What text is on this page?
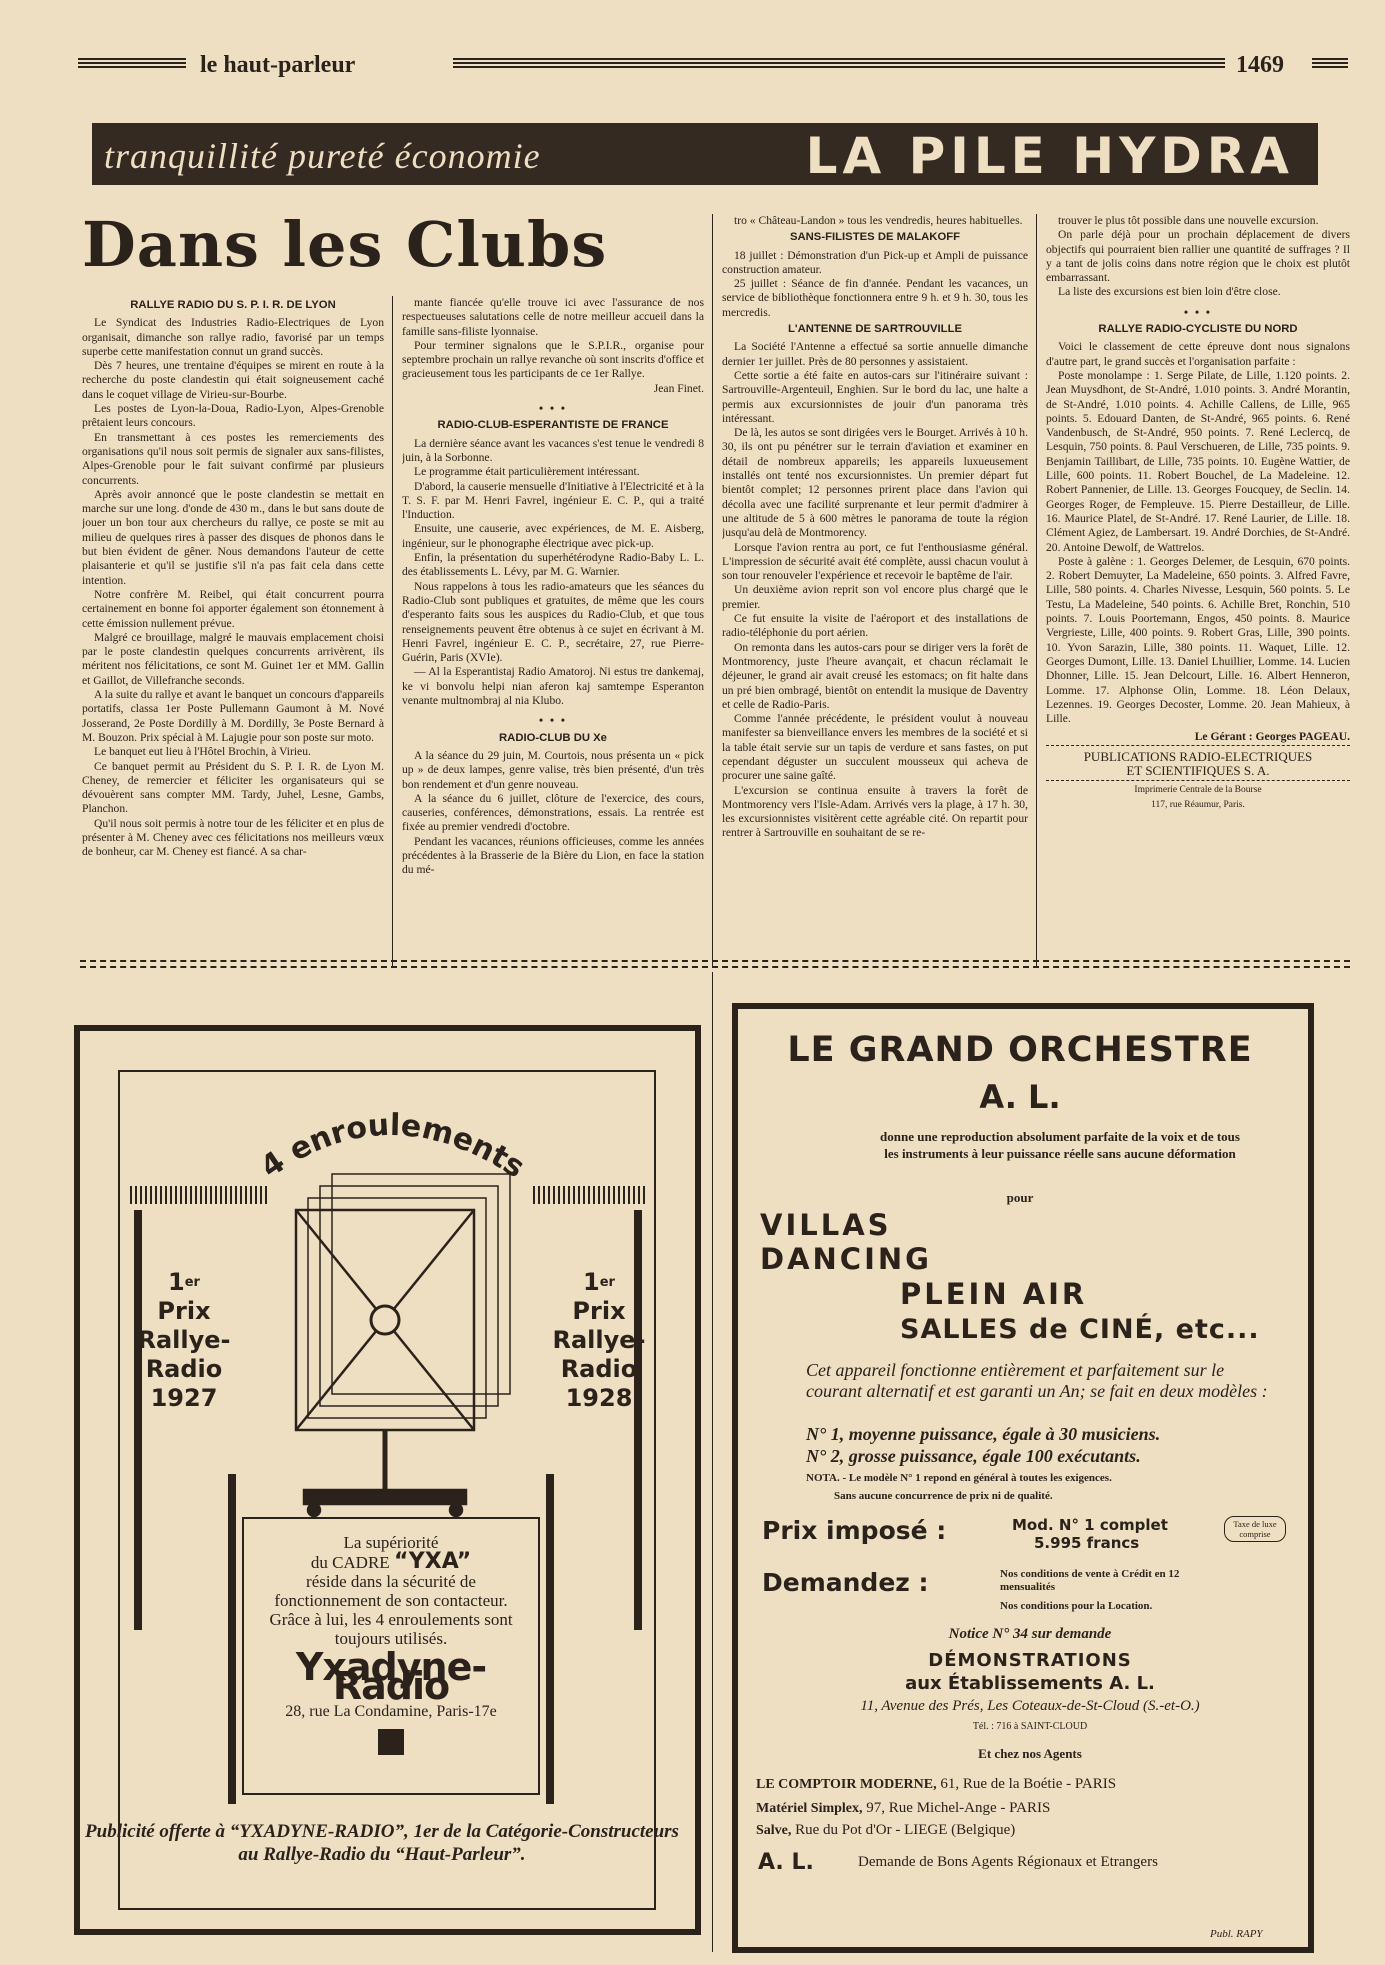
le haut-parleur	1469
tranquillité pureté économie	LA PILE HYDRA
Dans les Clubs
RALLYE RADIO DU S. P. I. R. DE LYON

Le Syndicat des Industries Radio-Electriques de Lyon organisait, dimanche son rallye radio, favorisé par un temps superbe cette manifestation connut un grand succès.

Dès 7 heures, une trentaine d'équipes se mirent en route à la recherche du poste clandestin qui était soigneusement caché dans le coquet village de Virieu-sur-Bourbe.

Les postes de Lyon-la-Doua, Radio-Lyon, Alpes-Grenoble prêtaient leurs concours.

En transmettant à ces postes les remerciements des organisations qu'il nous soit permis de signaler aux sans-filistes, Alpes-Grenoble pour le fait suivant confirmé par plusieurs concurrents.

Après avoir annoncé que le poste clandestin se mettait en marche sur une long. d'onde de 430 m., dans le but sans doute de jouer un bon tour aux chercheurs du rallye, ce poste se mit au milieu de quelques rires à passer des disques de phonos dans le but bien évident de gêner. Nous demandons l'auteur de cette plaisanterie et qu'il se justifie s'il n'a pas fait cela dans cette intention.

Notre confrère M. Reibel, qui était concurrent pourra certainement en bonne foi apporter également son étonnement à cette émission nullement prévue.

Malgré ce brouillage, malgré le mauvais emplacement choisi par le poste clandestin quelques concurrents arrivèrent, ils méritent nos félicitations, ce sont M. Guinet 1er et MM. Gallin et Gaillot, de Villefranche seconds.

A la suite du rallye et avant le banquet un concours d'appareils portatifs, classa 1er Poste Pullemann Gaumont à M. Nové Josserand, 2e Poste Dordilly à M. Dordilly, 3e Poste Bernard à M. Bouzon. Prix spécial à M. Lajugie pour son poste sur moto.

Le banquet eut lieu à l'Hôtel Brochin, à Virieu.

Ce banquet permit au Président du S. P. I. R. de Lyon M. Cheney, de remercier et féliciter les organisateurs qui se dévouèrent sans compter MM. Tardy, Juhel, Lesne, Gambs, Planchon.

Qu'il nous soit permis à notre tour de les féliciter et en plus de présenter à M. Cheney avec ces félicitations nos meilleurs vœux de bonheur, car M. Cheney est fiancé. A sa char-

mante fiancée qu'elle trouve ici avec l'assurance de nos respectueuses salutations celle de notre meilleur accueil dans la famille sans-filiste lyonnaise.

Pour terminer signalons que le S.P.I.R., organise pour septembre prochain un rallye revanche où sont inscrits d'office et gracieusement tous les participants de ce 1er Rallye.

Jean Finet.
• • •
RADIO-CLUB-ESPERANTISTE DE FRANCE

La dernière séance avant les vacances s'est tenue le vendredi 8 juin, à la Sorbonne.

Le programme était particulièrement intéressant.

D'abord, la causerie mensuelle d'Initiative à l'Electricité et à la T. S. F. par M. Henri Favrel, ingénieur E. C. P., qui a traité l'Induction.

Ensuite, une causerie, avec expériences, de M. E. Aisberg, ingénieur, sur le phonographe électrique avec pick-up.

Enfin, la présentation du superhétérodyne Radio-Baby L. L. des établissements L. Lévy, par M. G. Warnier.

Nous rappelons à tous les radio-amateurs que les séances du Radio-Club sont publiques et gratuites, de même que les cours d'esperanto faits sous les auspices du Radio-Club, et que tous renseignements peuvent être obtenus à ce sujet en écrivant à M. Henri Favrel, ingénieur E. C. P., secrétaire, 27, rue Pierre-Guérin, Paris (XVIe).

— Al la Esperantistaj Radio Amatoroj. Ni estus tre dankemaj, ke vi bonvolu helpi nian aferon kaj samtempe Esperanton venante multnombraj al nia Klubo.

• • •
RADIO-CLUB DU Xe

A la séance du 29 juin, M. Courtois, nous présenta un « pick up » de deux lampes, genre valise, très bien présenté, d'un très bon rendement et d'un genre nouveau.

A la séance du 6 juillet, clôture de l'exercice, des cours, causeries, conférences, démonstrations, essais. La rentrée est fixée au premier vendredi d'octobre.

Pendant les vacances, réunions officieuses, comme les années précédentes à la Brasserie de la Bière du Lion, en face la station du mé-

tro « Château-Landon » tous les vendredis, heures habituelles.

SANS-FILISTES DE MALAKOFF

18 juillet : Démonstration d'un Pick-up et Ampli de puissance construction amateur.

25 juillet : Séance de fin d'année. Pendant les vacances, un service de bibliothèque fonctionnera entre 9 h. et 9 h. 30, tous les mercredis.

L'ANTENNE DE SARTROUVILLE

La Société l'Antenne a effectué sa sortie annuelle dimanche dernier 1er juillet. Près de 80 personnes y assistaient.

Cette sortie a été faite en autos-cars sur l'itinéraire suivant : Sartrouville-Argenteuil, Enghien. Sur le bord du lac, une halte a permis aux excursionnistes de jouir d'un panorama très intéressant.

De là, les autos se sont dirigées vers le Bourget. Arrivés à 10 h. 30, ils ont pu pénétrer sur le terrain d'aviation et examiner en détail de nombreux appareils; les appareils luxueusement installés ont tenté nos excursionnistes. Un premier départ fut bientôt complet; 12 personnes prirent place dans l'avion qui décolla avec une facilité surprenante et leur permit d'admirer à une altitude de 5 à 600 mètres le panorama de toute la région jusqu'au delà de Montmorency.

Lorsque l'avion rentra au port, ce fut l'enthousiasme général. L'impression de sécurité avait été complète, aussi chacun voulut à son tour renouveler l'expérience et recevoir le baptême de l'air.

Un deuxième avion reprit son vol encore plus chargé que le premier.

Ce fut ensuite la visite de l'aéroport et des installations de radio-téléphonie du port aérien.

On remonta dans les autos-cars pour se diriger vers la forêt de Montmorency, juste l'heure avançait, et chacun réclamait le déjeuner, le grand air avait creusé les estomacs; on fit halte dans un pré bien ombragé, bientôt on entendit la musique de Daventry et celle de Radio-Paris.

Comme l'année précédente, le président voulut à nouveau manifester sa bienveillance envers les membres de la société et si la table était servie sur un tapis de verdure et sans fastes, on put cependant déguster un succulent mousseux qui acheva de procurer une saine gaîté.

L'excursion se continua ensuite à travers la forêt de Montmorency vers l'Isle-Adam. Arrivés vers la plage, à 17 h. 30, les excursionnistes visitèrent cette agréable cité. On repartit pour rentrer à Sartrouville en souhaitant de se re-

trouver le plus tôt possible dans une nouvelle excursion.

On parle déjà pour un prochain déplacement de divers objectifs qui pourraient bien rallier une quantité de suffrages ? Il y a tant de jolis coins dans notre région que le choix est plutôt embarrassant.

La liste des excursions est bien loin d'être close.

• • •
RALLYE RADIO-CYCLISTE DU NORD

Voici le classement de cette épreuve dont nous signalons d'autre part, le grand succès et l'organisation parfaite :

Poste monolampe : 1. Serge Pilate, de Lille, 1.120 points. 2. Jean Muysdhont, de St-André, 1.010 points. 3. André Morantin, de St-André, 1.010 points. 4. Achille Callens, de Lille, 965 points. 5. Edouard Danten, de St-André, 965 points. 6. René Vandenbusch, de St-André, 950 points. 7. René Leclercq, de Lesquin, 750 points. 8. Paul Verschueren, de Lille, 735 points. 9. Benjamin Taillibart, de Lille, 735 points. 10. Eugène Wattier, de Lille, 600 points. 11. Robert Bouchel, de La Madeleine. 12. Robert Pannenier, de Lille. 13. Georges Foucquey, de Seclin. 14. Georges Roger, de Fempleuve. 15. Pierre Destailleur, de Lille. 16. Maurice Platel, de St-André. 17. René Laurier, de Lille. 18. Clément Agiez, de Lambersart. 19. André Dorchies, de St-André. 20. Antoine Dewolf, de Wattrelos.

Poste à galène : 1. Georges Delemer, de Lesquin, 670 points. 2. Robert Demuyter, La Madeleine, 650 points. 3. Alfred Favre, Lille, 580 points. 4. Charles Nivesse, Lesquin, 560 points. 5. Le Testu, La Madeleine, 540 points. 6. Achille Bret, Ronchin, 510 points. 7. Louis Poortemann, Engos, 450 points. 8. Maurice Vergrieste, Lille, 400 points. 9. Robert Gras, Lille, 390 points. 10. Yvon Sarazin, Lille, 380 points. 11. Waquet, Lille. 12. Georges Dumont, Lille. 13. Daniel Lhuillier, Lomme. 14. Lucien Dhonner, Lille. 15. Jean Delcourt, Lille. 16. Albert Henneron, Lomme. 17. Alphonse Olin, Lomme. 18. Léon Delaux, Lezennes. 19. Georges Decoster, Lomme. 20. Jean Mahieux, à Lille.

Le Gérant : Georges PAGEAU.
PUBLICATIONS RADIO-ELECTRIQUES
ET SCIENTIFIQUES S. A.
Imprimerie Centrale de la Bourse
117, rue Réaumur, Paris.
4 enroulements
1er
Prix
Rallye-
Radio
1927
1er
Prix
Rallye-
Radio
1928
La supériorité
du CADRE “YXA”
réside dans la sécurité de fonctionnement de son contacteur.
Grâce à lui, les 4 enroulements sont toujours utilisés.
Yxadyne-Radio
28, rue La Condamine, Paris-17e
Publicité offerte à “YXADYNE-RADIO”, 1er de la Catégorie-Constructeurs au Rallye-Radio du “Haut-Parleur”.
LE GRAND ORCHESTRE
A. L.
donne une reproduction absolument parfaite de la voix et de tous les instruments à leur puissance réelle sans aucune déformation
pour
VILLAS
DANCING
PLEIN AIR
SALLES de CINÉ, etc...
Cet appareil fonctionne entièrement et parfaitement sur le courant alternatif et est garanti un An; se fait en deux modèles :
N° 1, moyenne puissance, égale à 30 musiciens.
N° 2, grosse puissance, égale 100 exécutants.
NOTA. - Le modèle N° 1 repond en général à toutes les exigences.
Sans aucune concurrence de prix ni de qualité.
Prix imposé :	Mod. N° 1 complet
5.995 francs
Taxe de luxe comprise
Demandez :	Nos conditions de vente à Crédit en 12 mensualités
Nos conditions pour la Location.
Notice N° 34 sur demande
DÉMONSTRATIONS
aux Établissements A. L.
11, Avenue des Prés, Les Coteaux-de-St-Cloud (S.-et-O.)
Tél. : 716 à SAINT-CLOUD
Et chez nos Agents
LE COMPTOIR MODERNE, 61, Rue de la Boétie - PARIS
Matériel Simplex, 97, Rue Michel-Ange - PARIS
Salve, Rue du Pot d'Or - LIEGE (Belgique)
A. L.	Demande de Bons Agents Régionaux et Etrangers
Publ. RAPY
